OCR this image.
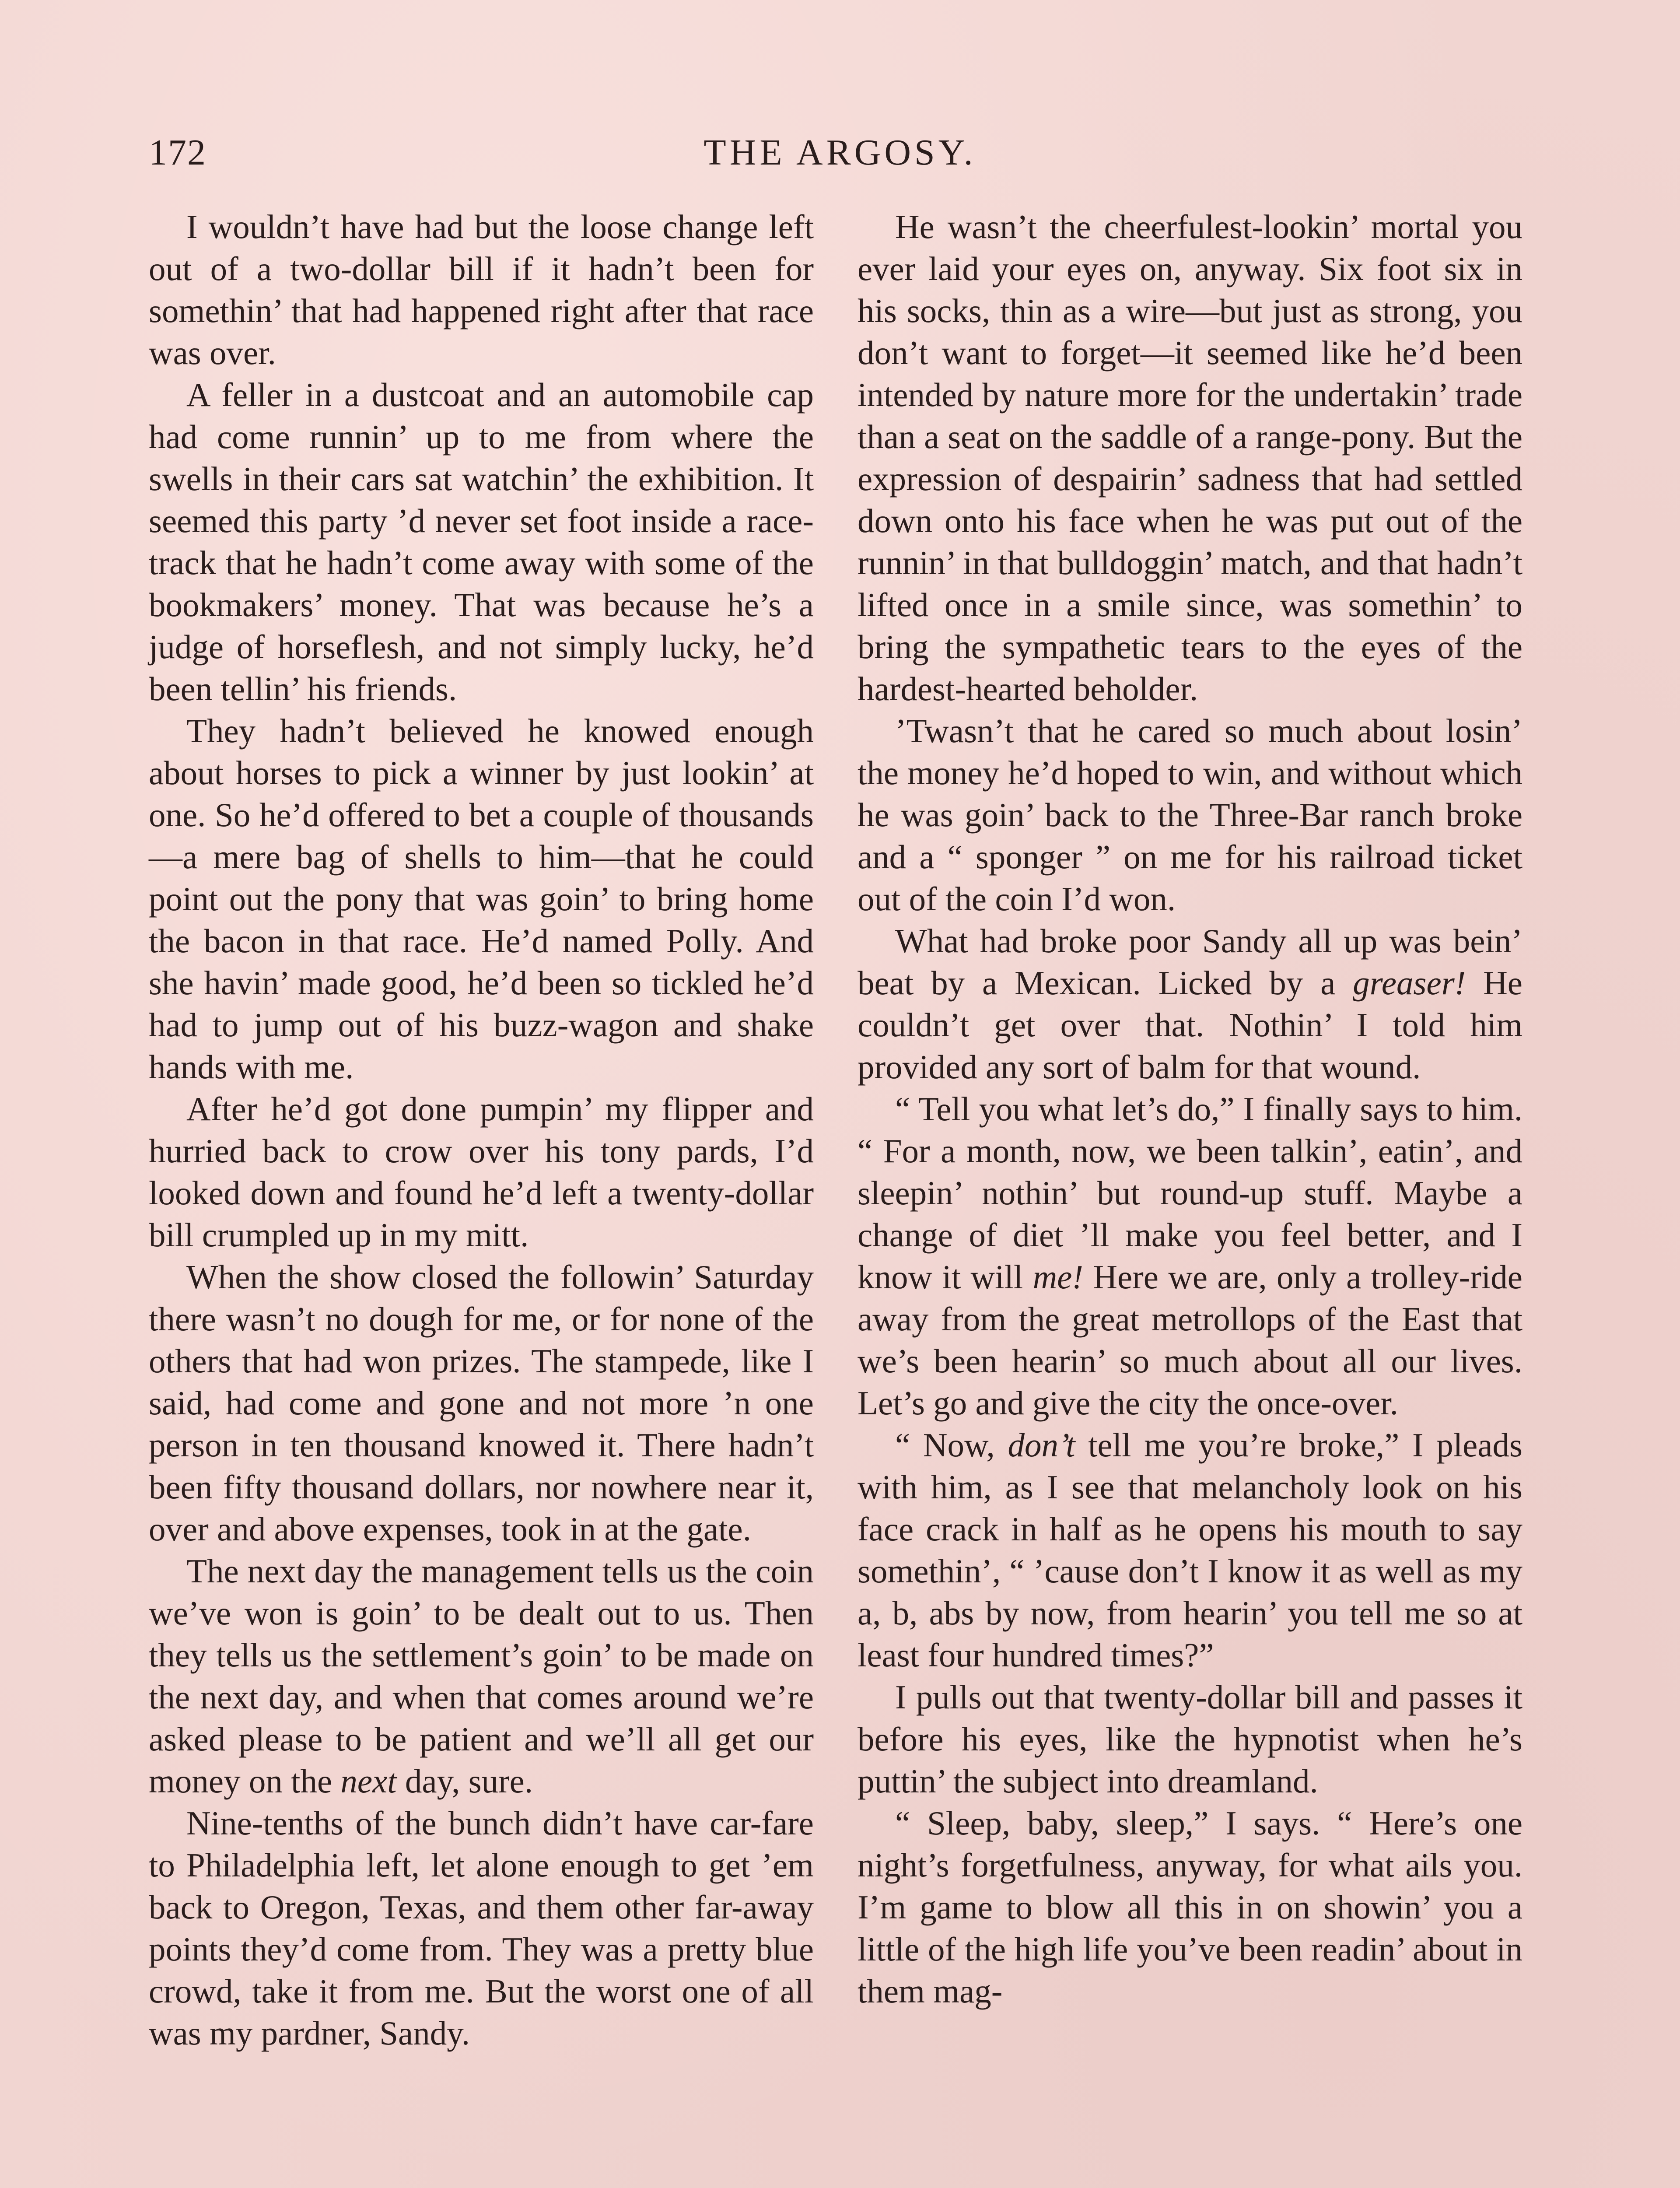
172	THE ARGOSY.

I wouldn’t have had but the loose change left out of a two-dollar bill if it hadn’t been for somethin’ that had happened right after that race was over.

A feller in a dustcoat and an automobile cap had come runnin’ up to me from where the swells in their cars sat watchin’ the exhibition. It seemed this party ’d never set foot inside a race-track that he hadn’t come away with some of the bookmakers’ money. That was because he’s a judge of horseflesh, and not simply lucky, he’d been tellin’ his friends.

They hadn’t believed he knowed enough about horses to pick a winner by just lookin’ at one. So he’d offered to bet a couple of thousands—a mere bag of shells to him—that he could point out the pony that was goin’ to bring home the bacon in that race. He’d named Polly. And she havin’ made good, he’d been so tickled he’d had to jump out of his buzz-wagon and shake hands with me.

After he’d got done pumpin’ my flipper and hurried back to crow over his tony pards, I’d looked down and found he’d left a twenty-dollar bill crumpled up in my mitt.

When the show closed the followin’ Saturday there wasn’t no dough for me, or for none of the others that had won prizes. The stampede, like I said, had come and gone and not more ’n one person in ten thousand knowed it. There hadn’t been fifty thousand dollars, nor nowhere near it, over and above expenses, took in at the gate.

The next day the management tells us the coin we’ve won is goin’ to be dealt out to us. Then they tells us the settlement’s goin’ to be made on the next day, and when that comes around we’re asked please to be patient and we’ll all get our money on the next day, sure.

Nine-tenths of the bunch didn’t have car-fare to Philadelphia left, let alone enough to get ’em back to Oregon, Texas, and them other far-away points they’d come from. They was a pretty blue crowd, take it from me. But the worst one of all was my pardner, Sandy.

He wasn’t the cheerfulest-lookin’ mortal you ever laid your eyes on, anyway. Six foot six in his socks, thin as a wire—but just as strong, you don’t want to forget—it seemed like he’d been intended by nature more for the undertakin’ trade than a seat on the saddle of a range-pony. But the expression of despairin’ sadness that had settled down onto his face when he was put out of the runnin’ in that bulldoggin’ match, and that hadn’t lifted once in a smile since, was somethin’ to bring the sympathetic tears to the eyes of the hardest-hearted beholder.

’Twasn’t that he cared so much about losin’ the money he’d hoped to win, and without which he was goin’ back to the Three-Bar ranch broke and a “ sponger ” on me for his railroad ticket out of the coin I’d won.

What had broke poor Sandy all up was bein’ beat by a Mexican. Licked by a greaser! He couldn’t get over that. Nothin’ I told him provided any sort of balm for that wound.

“ Tell you what let’s do,” I finally says to him. “ For a month, now, we been talkin’, eatin’, and sleepin’ nothin’ but round-up stuff. Maybe a change of diet ’ll make you feel better, and I know it will me! Here we are, only a trolley-ride away from the great metrollops of the East that we’s been hearin’ so much about all our lives. Let’s go and give the city the once-over.

“ Now, don’t tell me you’re broke,” I pleads with him, as I see that melancholy look on his face crack in half as he opens his mouth to say somethin’, “ ’cause don’t I know it as well as my a, b, abs by now, from hearin’ you tell me so at least four hundred times?”

I pulls out that twenty-dollar bill and passes it before his eyes, like the hypnotist when he’s puttin’ the subject into dreamland.

“ Sleep, baby, sleep,” I says. “ Here’s one night’s forgetfulness, anyway, for what ails you. I’m game to blow all this in on showin’ you a little of the high life you’ve been readin’ about in them mag-
